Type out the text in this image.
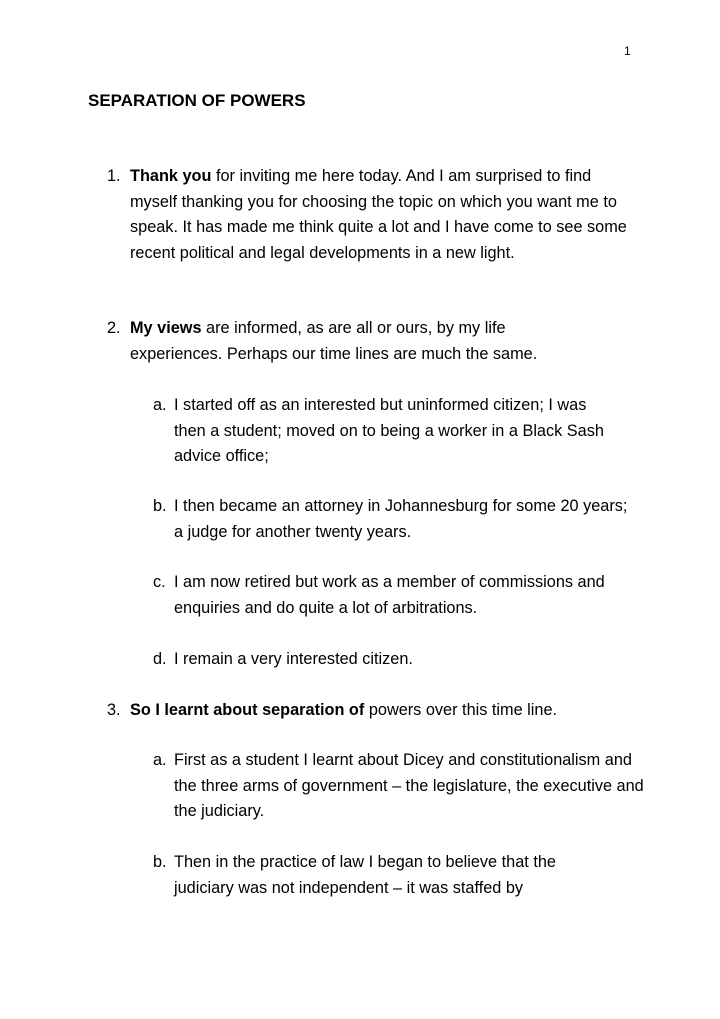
1
SEPARATION OF POWERS

1. Thank you for inviting me here today. And I am surprised to find myself thanking you for choosing the topic on which you want me to speak. It has made me think quite a lot and I have come to see some recent political and legal developments in a new light.

2. My views are informed, as are all or ours, by my life experiences. Perhaps our time lines are much the same.

a. I started off as an interested but uninformed citizen; I was then a student; moved on to being a worker in a Black Sash advice office;

b. I then became an attorney in Johannesburg for some 20 years; a judge for another twenty years.

c. I am now retired but work as a member of commissions and enquiries and do quite a lot of arbitrations.

d. I remain a very interested citizen.

3. So I learnt about separation of powers over this time line.

a. First as a student I learnt about Dicey and constitutionalism and the three arms of government – the legislature, the executive and the judiciary.

b. Then in the practice of law I began to believe that the judiciary was not independent – it was staffed by
